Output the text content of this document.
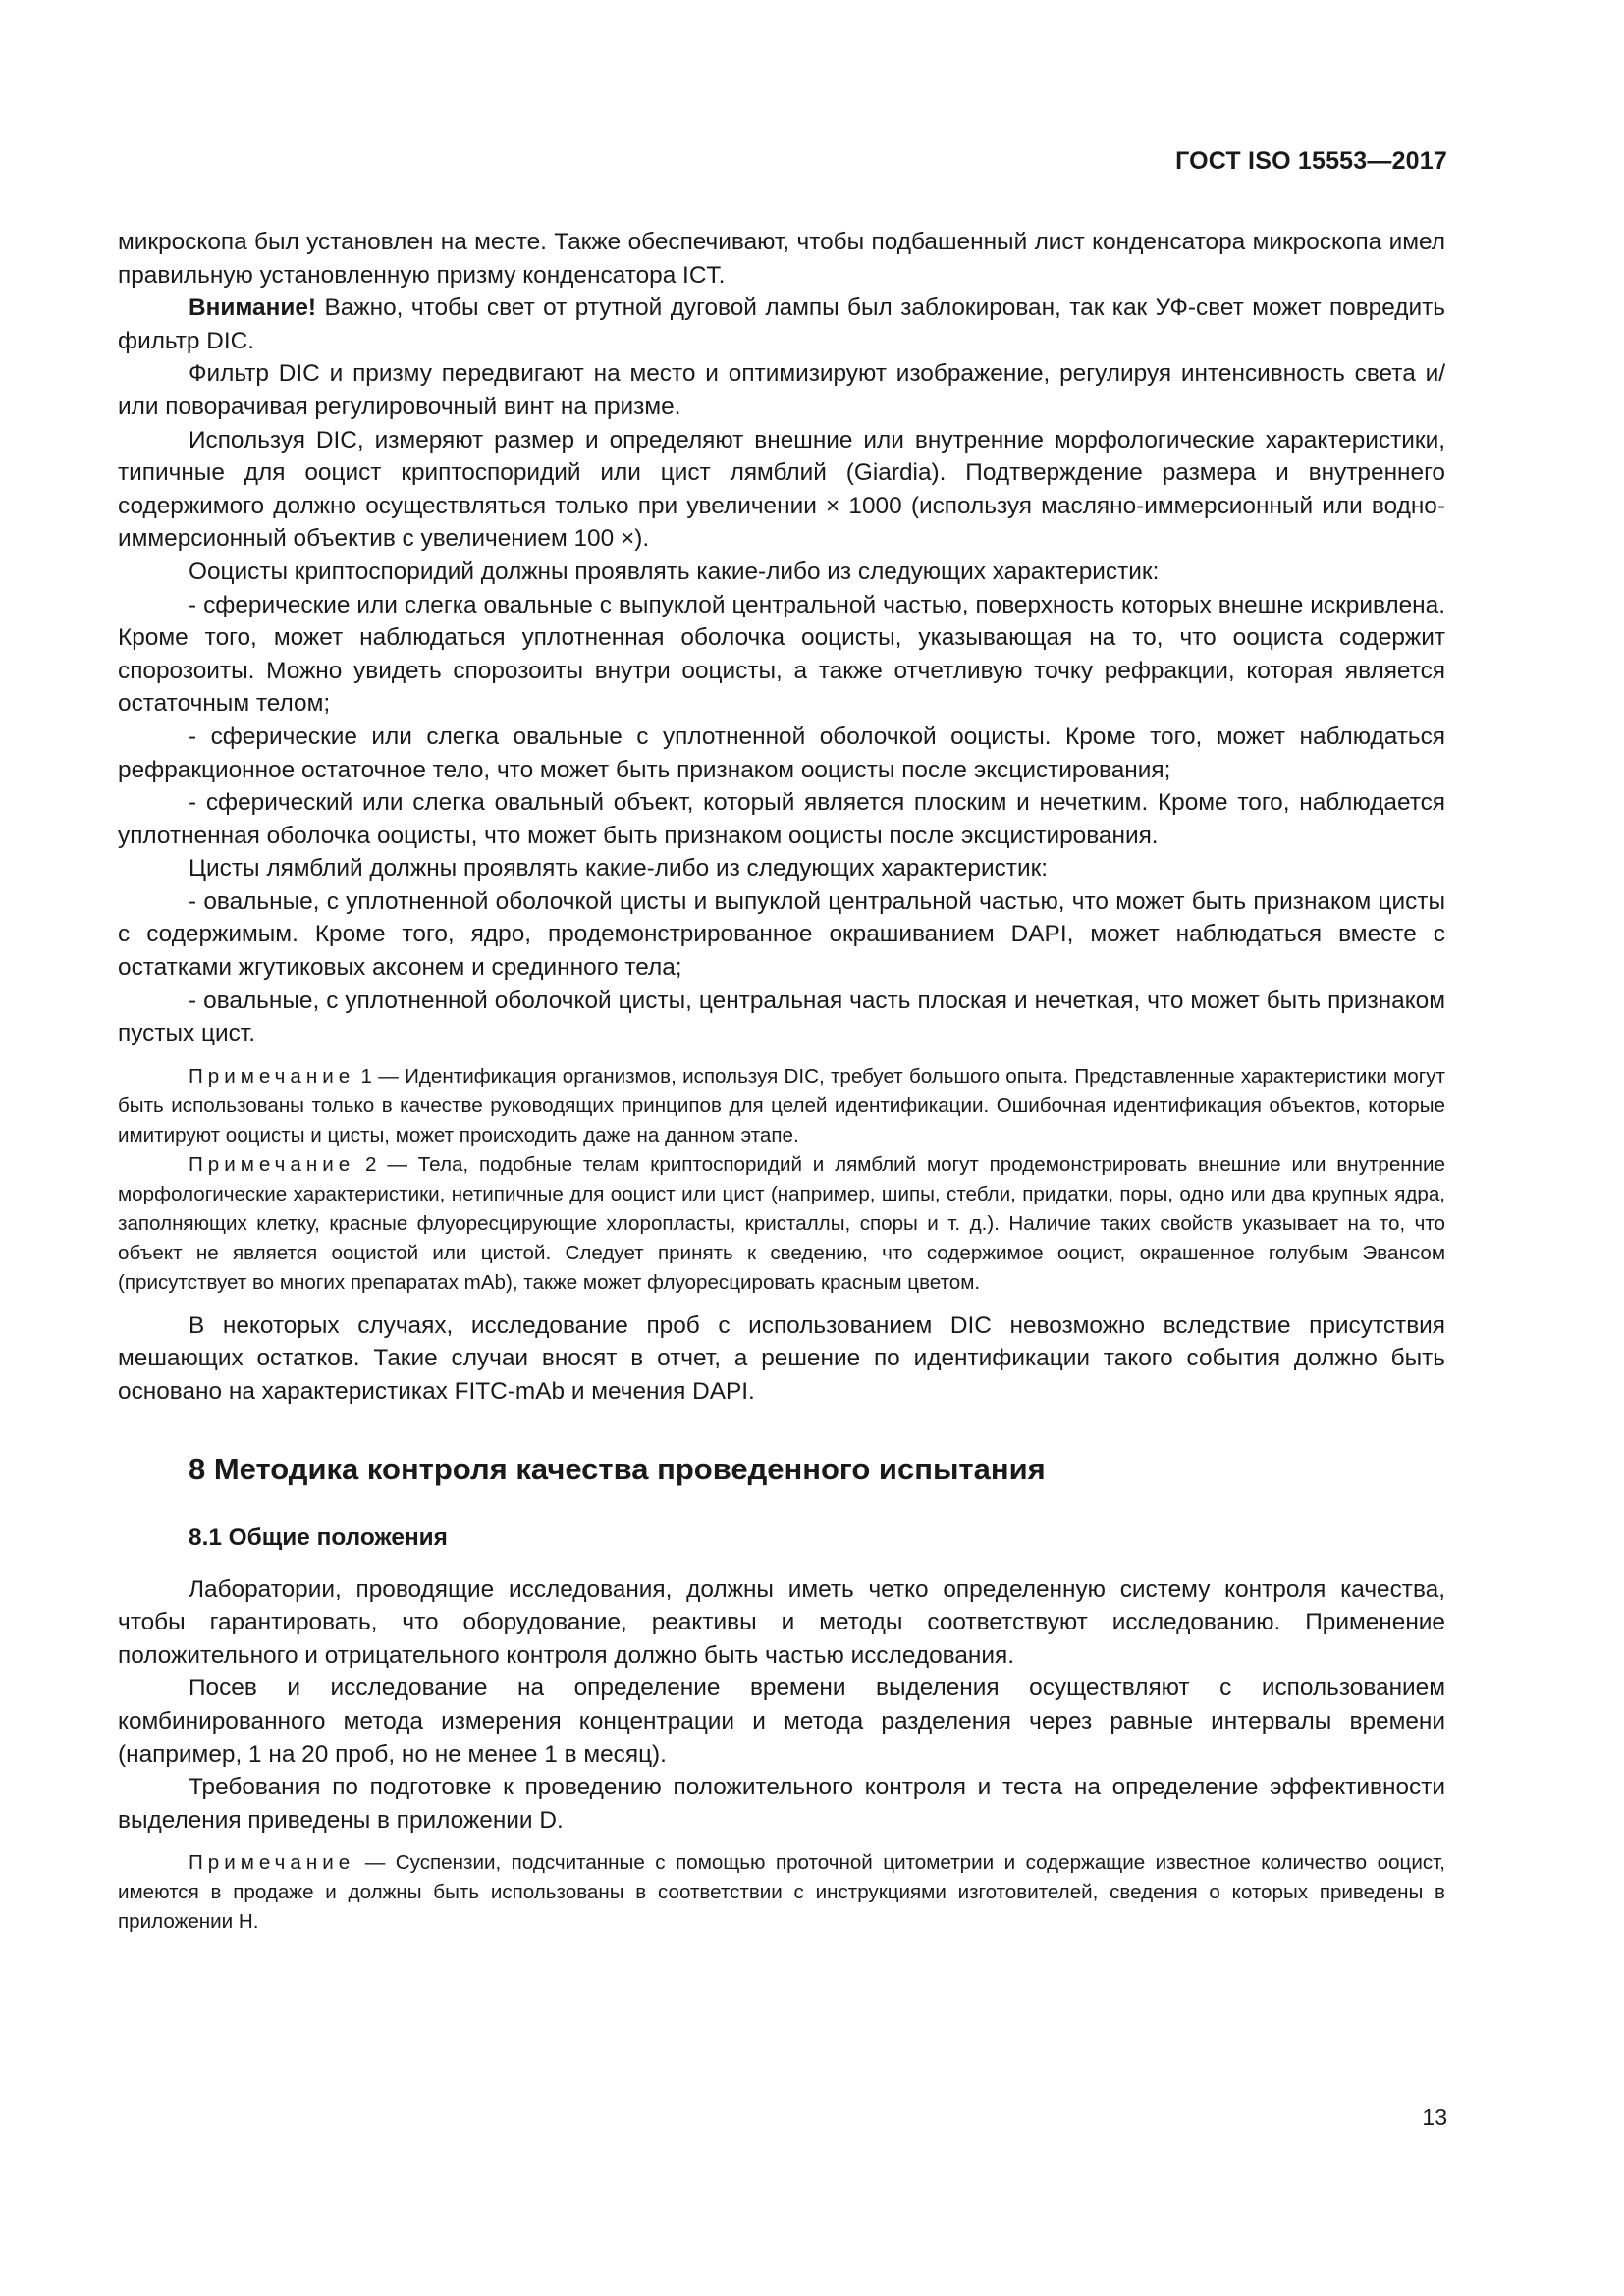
ГОСТ ISO 15553—2017

микроскопа был установлен на месте. Также обеспечивают, чтобы подбашенный лист конденсатора микроскопа имел правильную установленную призму конденсатора ICT.

Внимание! Важно, чтобы свет от ртутной дуговой лампы был заблокирован, так как УФ-свет может повредить фильтр DIC.

Фильтр DIC и призму передвигают на место и оптимизируют изображение, регулируя интенсивность света и/или поворачивая регулировочный винт на призме.

Используя DIC, измеряют размер и определяют внешние или внутренние морфологические характеристики, типичные для ооцист криптоспоридий или цист лямблий (Giardia). Подтверждение размера и внутреннего содержимого должно осуществляться только при увеличении × 1000 (используя масляно-иммерсионный или водно-иммерсионный объектив с увеличением 100 ×).

Ооцисты криптоспоридий должны проявлять какие-либо из следующих характеристик:

- сферические или слегка овальные с выпуклой центральной частью, поверхность которых внешне искривлена. Кроме того, может наблюдаться уплотненная оболочка ооцисты, указывающая на то, что ооциста содержит спорозоиты. Можно увидеть спорозоиты внутри ооцисты, а также отчетливую точку рефракции, которая является остаточным телом;

- сферические или слегка овальные с уплотненной оболочкой ооцисты. Кроме того, может наблюдаться рефракционное остаточное тело, что может быть признаком ооцисты после эксцистирования;

- сферический или слегка овальный объект, который является плоским и нечетким. Кроме того, наблюдается уплотненная оболочка ооцисты, что может быть признаком ооцисты после эксцистирования.

Цисты лямблий должны проявлять какие-либо из следующих характеристик:

- овальные, с уплотненной оболочкой цисты и выпуклой центральной частью, что может быть признаком цисты с содержимым. Кроме того, ядро, продемонстрированное окрашиванием DAPI, может наблюдаться вместе с остатками жгутиковых аксонем и срединного тела;

- овальные, с уплотненной оболочкой цисты, центральная часть плоская и нечеткая, что может быть признаком пустых цист.

Примечание 1 — Идентификация организмов, используя DIC, требует большого опыта. Представленные характеристики могут быть использованы только в качестве руководящих принципов для целей идентификации. Ошибочная идентификация объектов, которые имитируют ооцисты и цисты, может происходить даже на данном этапе.

Примечание 2 — Тела, подобные телам криптоспоридий и лямблий могут продемонстрировать внешние или внутренние морфологические характеристики, нетипичные для ооцист или цист (например, шипы, стебли, придатки, поры, одно или два крупных ядра, заполняющих клетку, красные флуоресцирующие хлоропласты, кристаллы, споры и т. д.). Наличие таких свойств указывает на то, что объект не является ооцистой или цистой. Следует принять к сведению, что содержимое ооцист, окрашенное голубым Эвансом (присутствует во многих препаратах mAb), также может флуоресцировать красным цветом.

В некоторых случаях, исследование проб с использованием DIC невозможно вследствие присутствия мешающих остатков. Такие случаи вносят в отчет, а решение по идентификации такого события должно быть основано на характеристиках FITC-mAb и мечения DAPI.

8 Методика контроля качества проведенного испытания
8.1 Общие положения

Лаборатории, проводящие исследования, должны иметь четко определенную систему контроля качества, чтобы гарантировать, что оборудование, реактивы и методы соответствуют исследованию. Применение положительного и отрицательного контроля должно быть частью исследования.

Посев и исследование на определение времени выделения осуществляют с использованием комбинированного метода измерения концентрации и метода разделения через равные интервалы времени (например, 1 на 20 проб, но не менее 1 в месяц).

Требования по подготовке к проведению положительного контроля и теста на определение эффективности выделения приведены в приложении D.

Примечание — Суспензии, подсчитанные с помощью проточной цитометрии и содержащие известное количество ооцист, имеются в продаже и должны быть использованы в соответствии с инструкциями изготовителей, сведения о которых приведены в приложении H.

13
